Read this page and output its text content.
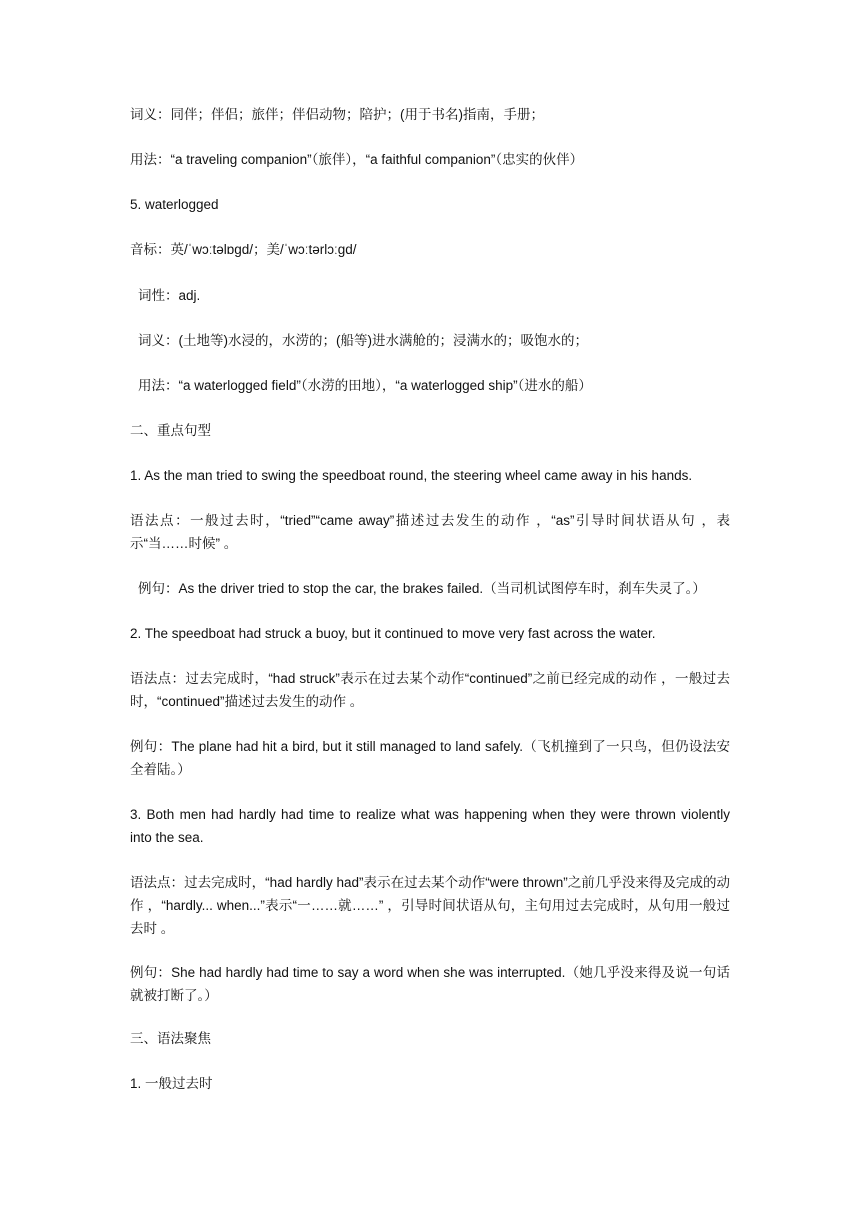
词义：同伴；伴侣；旅伴；伴侣动物；陪护；(用于书名)指南，手册；
用法：“a traveling companion”（旅伴），“a faithful companion”（忠实的伙伴）
5. waterlogged
音标：英/ˈwɔːtəlɒɡd/；美/ˈwɔːtərlɔːɡd/
词性：adj.
词义：(土地等)水浸的，水涝的；(船等)进水满舱的；浸满水的；吸饱水的；
用法：“a waterlogged field”（水涝的田地），“a waterlogged ship”（进水的船）
二、重点句型
1. As the man tried to swing the speedboat round, the steering wheel came away in his hands.
语法点：一般过去时，“tried”“came away”描述过去发生的动作 ，“as”引导时间状语从句 ，表示“当……时候” 。
例句：As the driver tried to stop the car, the brakes failed.（当司机试图停车时，刹车失灵了。）
2. The speedboat had struck a buoy, but it continued to move very fast across the water.
语法点：过去完成时，“had struck”表示在过去某个动作“continued”之前已经完成的动作 ，一般过去时，“continued”描述过去发生的动作 。
例句：The plane had hit a bird, but it still managed to land safely.（飞机撞到了一只鸟，但仍设法安全着陆。）
3. Both men had hardly had time to realize what was happening when they were thrown violently into the sea.
语法点：过去完成时，“had hardly had”表示在过去某个动作“were thrown”之前几乎没来得及完成的动作 ，“hardly... when...”表示“一……就……” ，引导时间状语从句，主句用过去完成时，从句用一般过去时 。
例句：She had hardly had time to say a word when she was interrupted.（她几乎没来得及说一句话就被打断了。）
三、语法聚焦
1. 一般过去时
